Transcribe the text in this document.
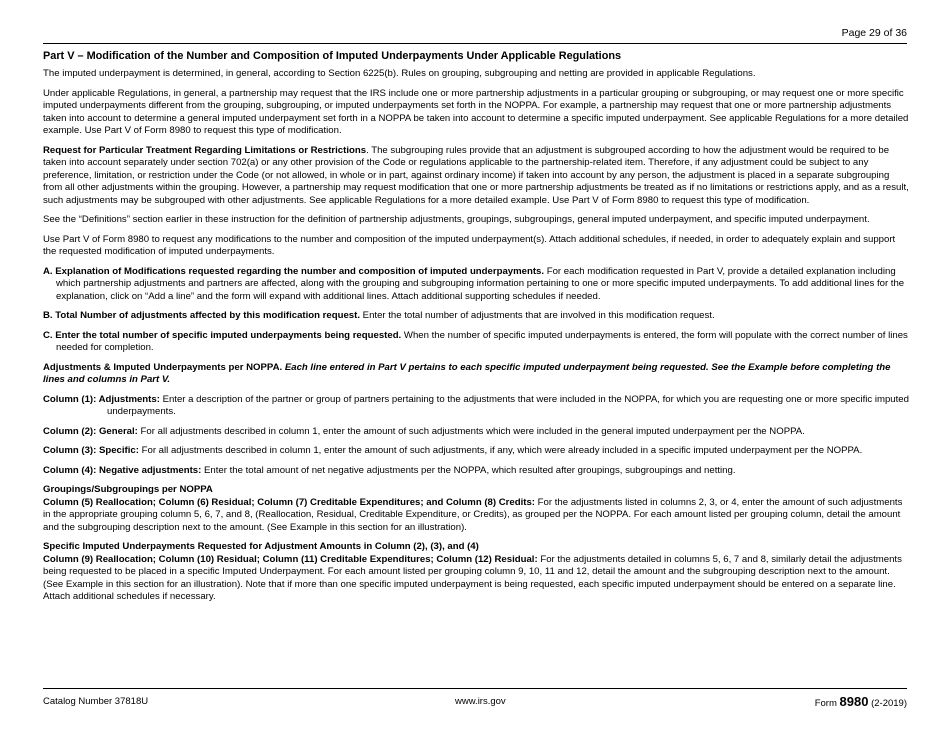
Page 29 of 36

Part V – Modification of the Number and Composition of Imputed Underpayments Under Applicable Regulations

The imputed underpayment is determined, in general, according to Section 6225(b). Rules on grouping, subgrouping and netting are provided in applicable Regulations.

Under applicable Regulations, in general, a partnership may request that the IRS include one or more partnership adjustments in a particular grouping or subgrouping, or may request one or more specific imputed underpayments different from the grouping, subgrouping, or imputed underpayments set forth in the NOPPA. For example, a partnership may request that one or more partnership adjustments taken into account to determine a general imputed underpayment set forth in a NOPPA be taken into account to determine a specific imputed underpayment. See applicable Regulations for a more detailed example. Use Part V of Form 8980 to request this type of modification.

Request for Particular Treatment Regarding Limitations or Restrictions. The subgrouping rules provide that an adjustment is subgrouped according to how the adjustment would be required to be taken into account separately under section 702(a) or any other provision of the Code or regulations applicable to the partnership-related item. Therefore, if any adjustment could be subject to any preference, limitation, or restriction under the Code (or not allowed, in whole or in part, against ordinary income) if taken into account by any person, the adjustment is placed in a separate subgrouping from all other adjustments within the grouping. However, a partnership may request modification that one or more partnership adjustments be treated as if no limitations or restrictions apply, and as a result, such adjustments may be subgrouped with other adjustments. See applicable Regulations for a more detailed example. Use Part V of Form 8980 to request this type of modification.

See the “Definitions” section earlier in these instruction for the definition of partnership adjustments, groupings, subgroupings, general imputed underpayment, and specific imputed underpayment.

Use Part V of Form 8980 to request any modifications to the number and composition of the imputed underpayment(s). Attach additional schedules, if needed, in order to adequately explain and support the requested modification of imputed underpayments.

A. Explanation of Modifications requested regarding the number and composition of imputed underpayments. For each modification requested in Part V, provide a detailed explanation including which partnership adjustments and partners are affected, along with the grouping and subgrouping information pertaining to one or more specific imputed underpayments. To add additional lines for the explanation, click on “Add a line” and the form will expand with additional lines. Attach additional supporting schedules if needed.

B. Total Number of adjustments affected by this modification request. Enter the total number of adjustments that are involved in this modification request.

C. Enter the total number of specific imputed underpayments being requested. When the number of specific imputed underpayments is entered, the form will populate with the correct number of lines needed for completion.

Adjustments & Imputed Underpayments per NOPPA. Each line entered in Part V pertains to each specific imputed underpayment being requested. See the Example before completing the lines and columns in Part V.

Column (1): Adjustments: Enter a description of the partner or group of partners pertaining to the adjustments that were included in the NOPPA, for which you are requesting one or more specific imputed underpayments.

Column (2): General: For all adjustments described in column 1, enter the amount of such adjustments which were included in the general imputed underpayment per the NOPPA.

Column (3): Specific: For all adjustments described in column 1, enter the amount of such adjustments, if any, which were already included in a specific imputed underpayment per the NOPPA.

Column (4): Negative adjustments: Enter the total amount of net negative adjustments per the NOPPA, which resulted after groupings, subgroupings and netting.

Groupings/Subgroupings per NOPPA

Column (5) Reallocation; Column (6) Residual; Column (7) Creditable Expenditures; and Column (8) Credits: For the adjustments listed in columns 2, 3, or 4, enter the amount of such adjustments in the appropriate grouping column 5, 6, 7, and 8, (Reallocation, Residual, Creditable Expenditure, or Credits), as grouped per the NOPPA. For each amount listed per grouping column, detail the amount and the subgrouping description next to the amount. (See Example in this section for an illustration).

Specific Imputed Underpayments Requested for Adjustment Amounts in Column (2), (3), and (4)

Column (9) Reallocation; Column (10) Residual; Column (11) Creditable Expenditures; Column (12) Residual: For the adjustments detailed in columns 5, 6, 7 and 8, similarly detail the adjustments being requested to be placed in a specific Imputed Underpayment. For each amount listed per grouping column 9, 10, 11 and 12, detail the amount and the subgrouping description next to the amount. (See Example in this section for an illustration). Note that if more than one specific imputed underpayment is being requested, each specific imputed underpayment should be entered on a separate line. Attach additional schedules if necessary.

Catalog Number 37818U	www.irs.gov	Form 8980 (2-2019)
